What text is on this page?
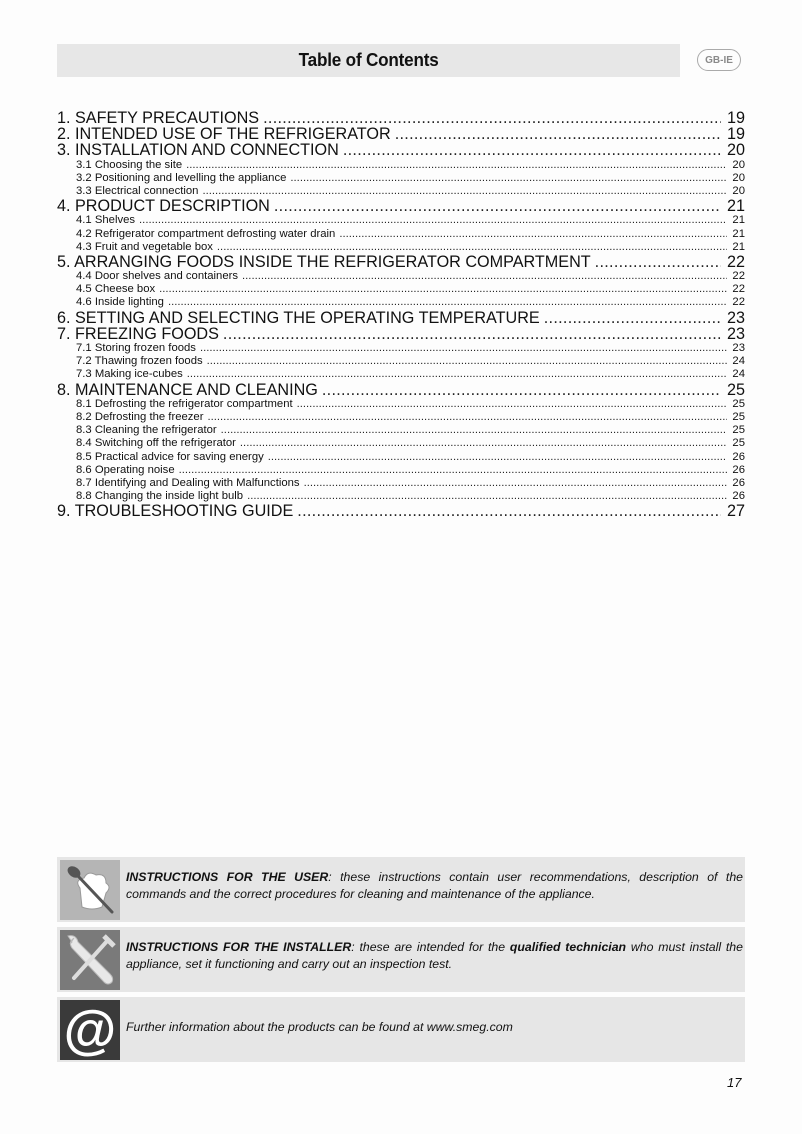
Table of Contents	GB-IE
1. SAFETY PRECAUTIONS .....	19
2. INTENDED USE OF THE REFRIGERATOR .....	19
3. INSTALLATION AND CONNECTION .....	20
3.1 Choosing the site .....	20
3.2 Positioning and levelling the appliance .....	20
3.3 Electrical connection .....	20
4. PRODUCT DESCRIPTION .....	21
4.1 Shelves .....	21
4.2 Refrigerator compartment defrosting water drain .....	21
4.3 Fruit and vegetable box .....	21
5. ARRANGING FOODS INSIDE THE REFRIGERATOR COMPARTMENT .....	22
4.4 Door shelves and containers .....	22
4.5 Cheese box .....	22
4.6 Inside lighting .....	22
6. SETTING AND SELECTING THE OPERATING TEMPERATURE .....	23
7. FREEZING FOODS .....	23
7.1 Storing frozen foods .....	23
7.2 Thawing frozen foods .....	24
7.3 Making ice-cubes .....	24
8. MAINTENANCE AND CLEANING .....	25
8.1 Defrosting the refrigerator compartment .....	25
8.2 Defrosting the freezer .....	25
8.3 Cleaning the refrigerator .....	25
8.4 Switching off the refrigerator .....	25
8.5 Practical advice for saving energy .....	26
8.6 Operating noise .....	26
8.7 Identifying and Dealing with Malfunctions .....	26
8.8 Changing the inside light bulb .....	26
9. TROUBLESHOOTING GUIDE .....	27
INSTRUCTIONS FOR THE USER: these instructions contain user recommendations, description of the commands and the correct procedures for cleaning and maintenance of the appliance.
INSTRUCTIONS FOR THE INSTALLER: these are intended for the qualified technician who must install the appliance, set it functioning and carry out an inspection test.
@ Further information about the products can be found at www.smeg.com
17
